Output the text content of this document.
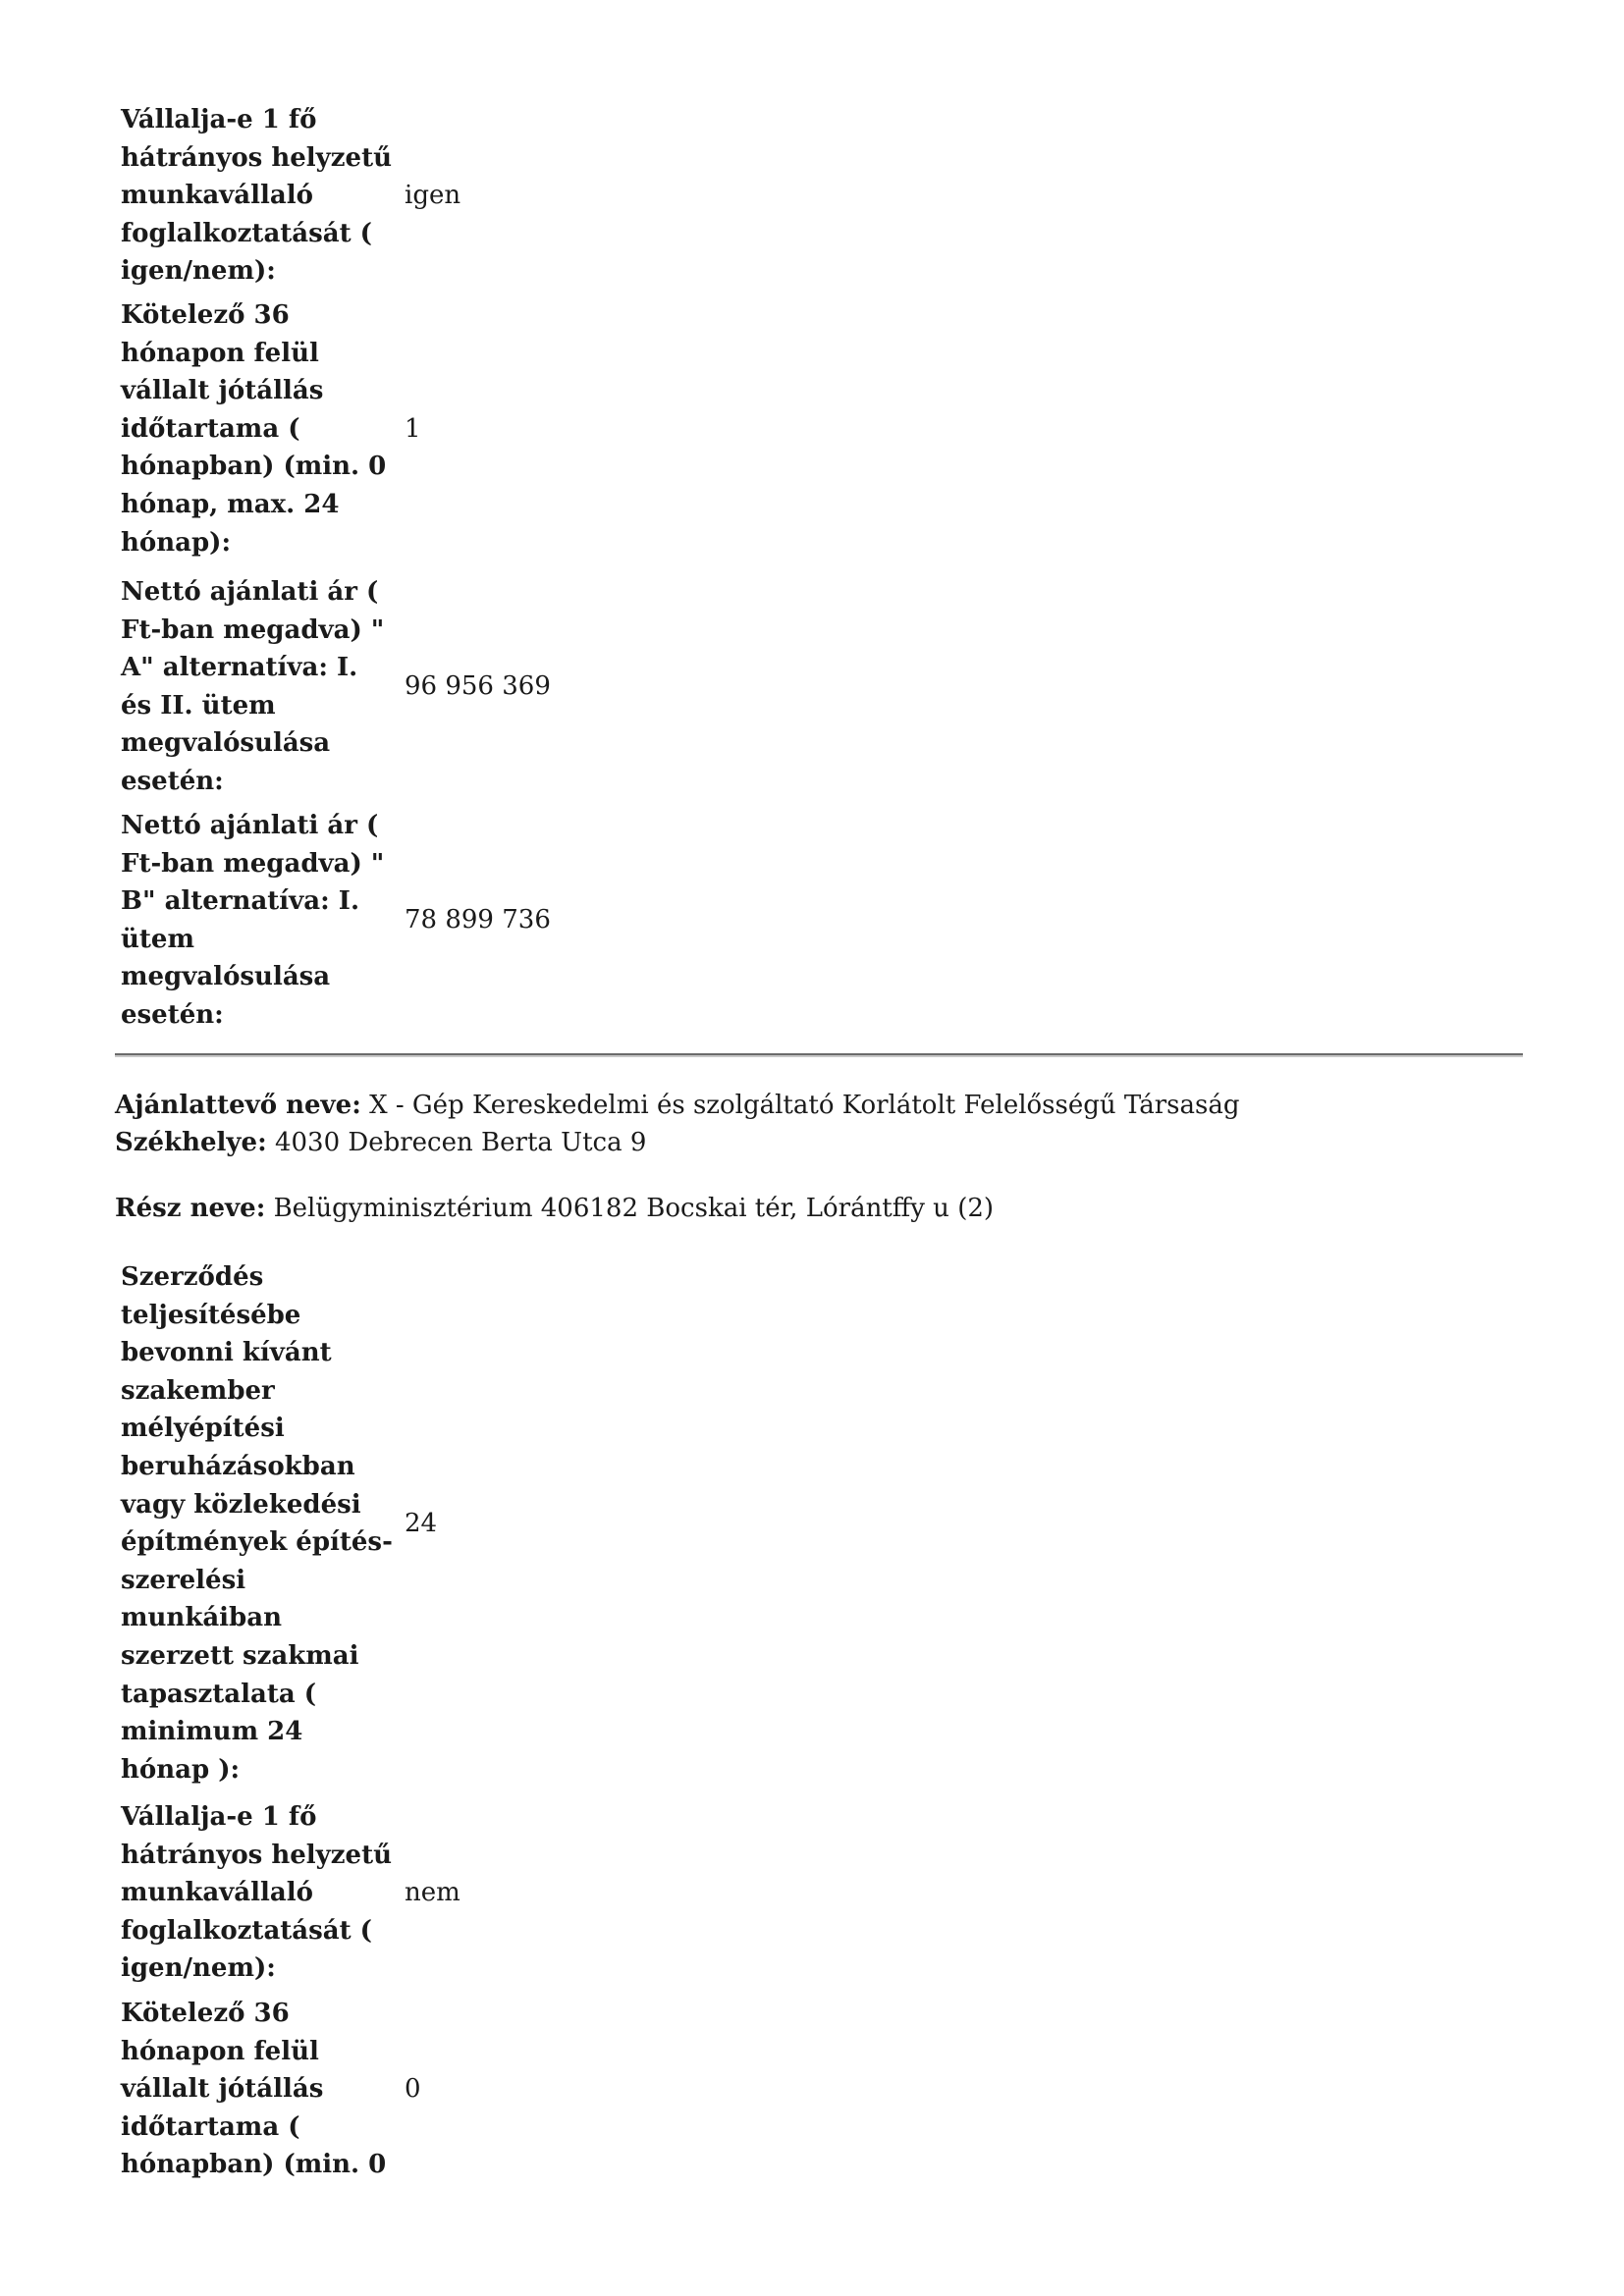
Vállalja-e 1 fő hátrányos helyzetű munkavállaló foglalkoztatását ( igen/nem):
igen
Kötelező 36 hónapon felül vállalt jótállás időtartama ( hónapban) (min. 0 hónap, max. 24 hónap):
1
Nettó ajánlati ár ( Ft-ban megadva) " A" alternatíva: I. és II. ütem megvalósulása esetén:
96 956 369
Nettó ajánlati ár ( Ft-ban megadva) " B" alternatíva: I. ütem megvalósulása esetén:
78 899 736
Ajánlattevő neve: X - Gép Kereskedelmi és szolgáltató Korlátolt Felelősségű Társaság
Székhelye: 4030 Debrecen Berta Utca 9
Rész neve: Belügyminisztérium 406182 Bocskai tér, Lórántffy u (2)
Szerződés teljesítésébe bevonni kívánt szakember mélyépítési beruházásokban vagy közlekedési építmények építés-szerelési munkáiban szerzett szakmai tapasztalata ( minimum 24 hónap ):
24
Vállalja-e 1 fő hátrányos helyzetű munkavállaló foglalkoztatását ( igen/nem):
nem
Kötelező 36 hónapon felül vállalt jótállás időtartama ( hónapban) (min. 0
0
